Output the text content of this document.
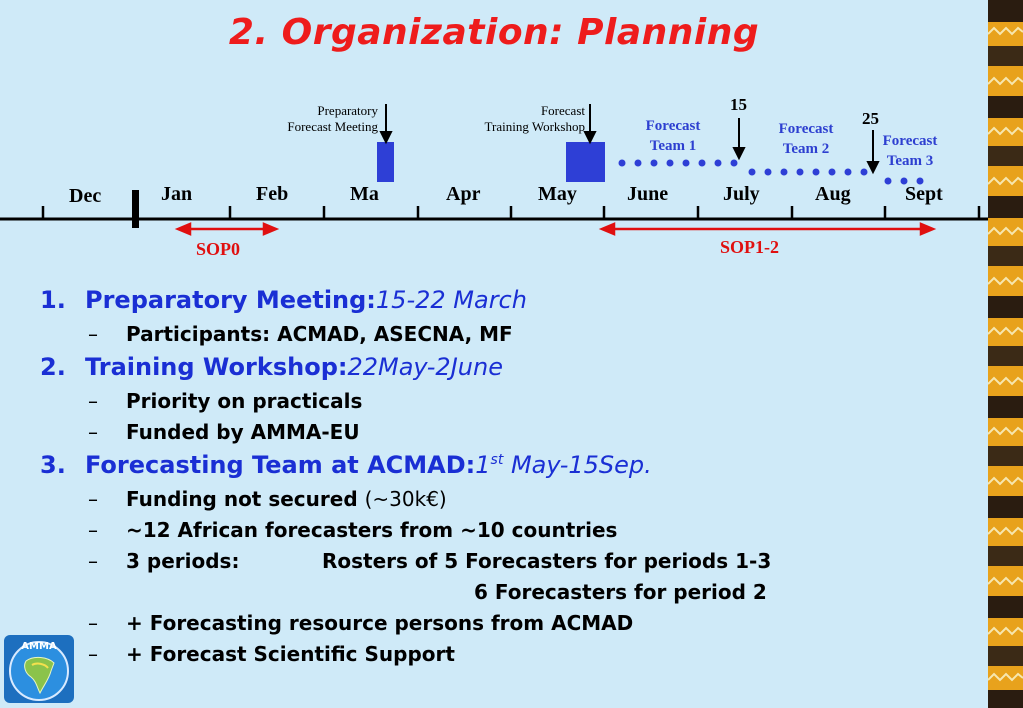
2. Organization: Planning
Dec	Jan	Feb	Ma	Apr	May	June	July	Aug	Sept
Preparatory
Forecast Meeting
Forecast
Training Workshop	Forecast
Team 1
Forecast
Team 2	Forecast
Team 3
15
25
SOP0	SOP1-2
1. Preparatory Meeting:15-22 March
– Participants: ACMAD, ASECNA, MF
2. Training Workshop:22May-2June
– Priority on practicals
– Funded by AMMA-EU
3. Forecasting Team at ACMAD:1st May-15Sep.
– Funding not secured (~30k€)
– ~12 African forecasters from ~10 countries
– 3 periods:	Rosters of 5 Forecasters for periods 1-3
6 Forecasters for period 2
– + Forecasting resource persons from ACMAD
– + Forecast Scientific Support
AMMA
